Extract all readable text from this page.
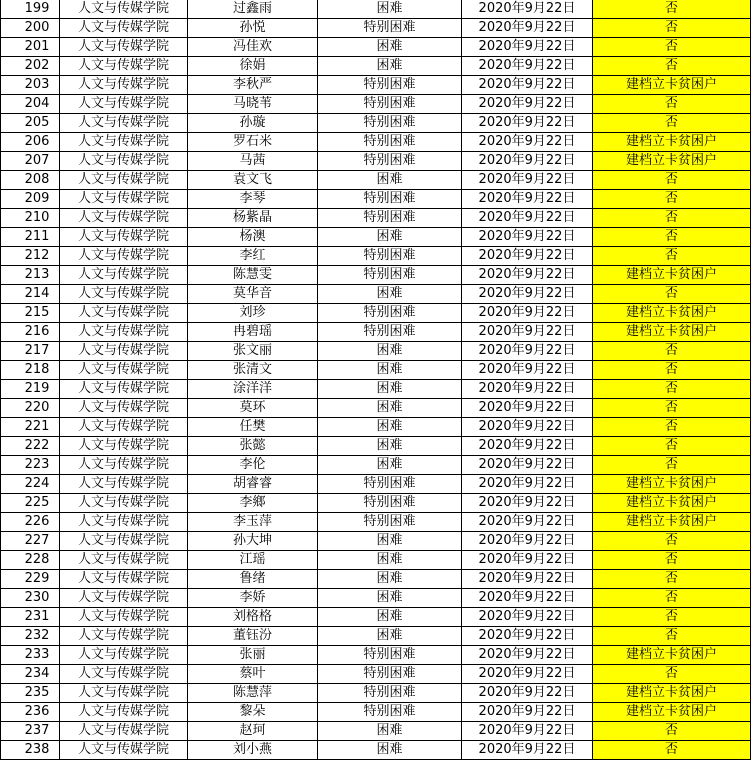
199	人文与传媒学院	过鑫雨	困难	2020年9月22日	否
200	人文与传媒学院	孙悦	特别困难	2020年9月22日	否
201	人文与传媒学院	冯佳欢	困难	2020年9月22日	否
202	人文与传媒学院	徐娟	困难	2020年9月22日	否
203	人文与传媒学院	李秋严	特别困难	2020年9月22日	建档立卡贫困户
204	人文与传媒学院	马晓苇	特别困难	2020年9月22日	否
205	人文与传媒学院	孙璇	特别困难	2020年9月22日	否
206	人文与传媒学院	罗石米	特别困难	2020年9月22日	建档立卡贫困户
207	人文与传媒学院	马茜	特别困难	2020年9月22日	建档立卡贫困户
208	人文与传媒学院	袁文飞	困难	2020年9月22日	否
209	人文与传媒学院	李琴	特别困难	2020年9月22日	否
210	人文与传媒学院	杨紫晶	特别困难	2020年9月22日	否
211	人文与传媒学院	杨澳	困难	2020年9月22日	否
212	人文与传媒学院	李红	特别困难	2020年9月22日	否
213	人文与传媒学院	陈慧雯	特别困难	2020年9月22日	建档立卡贫困户
214	人文与传媒学院	莫华音	困难	2020年9月22日	否
215	人文与传媒学院	刘珍	特别困难	2020年9月22日	建档立卡贫困户
216	人文与传媒学院	冉碧瑶	特别困难	2020年9月22日	建档立卡贫困户
217	人文与传媒学院	张文丽	困难	2020年9月22日	否
218	人文与传媒学院	张清文	困难	2020年9月22日	否
219	人文与传媒学院	涂洋洋	困难	2020年9月22日	否
220	人文与传媒学院	莫环	困难	2020年9月22日	否
221	人文与传媒学院	任樊	困难	2020年9月22日	否
222	人文与传媒学院	张懿	困难	2020年9月22日	否
223	人文与传媒学院	李伦	困难	2020年9月22日	否
224	人文与传媒学院	胡睿睿	特别困难	2020年9月22日	建档立卡贫困户
225	人文与传媒学院	李鄉	特别困难	2020年9月22日	建档立卡贫困户
226	人文与传媒学院	李玉萍	特别困难	2020年9月22日	建档立卡贫困户
227	人文与传媒学院	孙大坤	困难	2020年9月22日	否
228	人文与传媒学院	江瑶	困难	2020年9月22日	否
229	人文与传媒学院	鲁绪	困难	2020年9月22日	否
230	人文与传媒学院	李娇	困难	2020年9月22日	否
231	人文与传媒学院	刘格格	困难	2020年9月22日	否
232	人文与传媒学院	董钰汾	困难	2020年9月22日	否
233	人文与传媒学院	张丽	特别困难	2020年9月22日	建档立卡贫困户
234	人文与传媒学院	蔡叶	特别困难	2020年9月22日	否
235	人文与传媒学院	陈慧萍	特别困难	2020年9月22日	建档立卡贫困户
236	人文与传媒学院	黎朵	特别困难	2020年9月22日	建档立卡贫困户
237	人文与传媒学院	赵珂	困难	2020年9月22日	否
238	人文与传媒学院	刘小燕	困难	2020年9月22日	否
